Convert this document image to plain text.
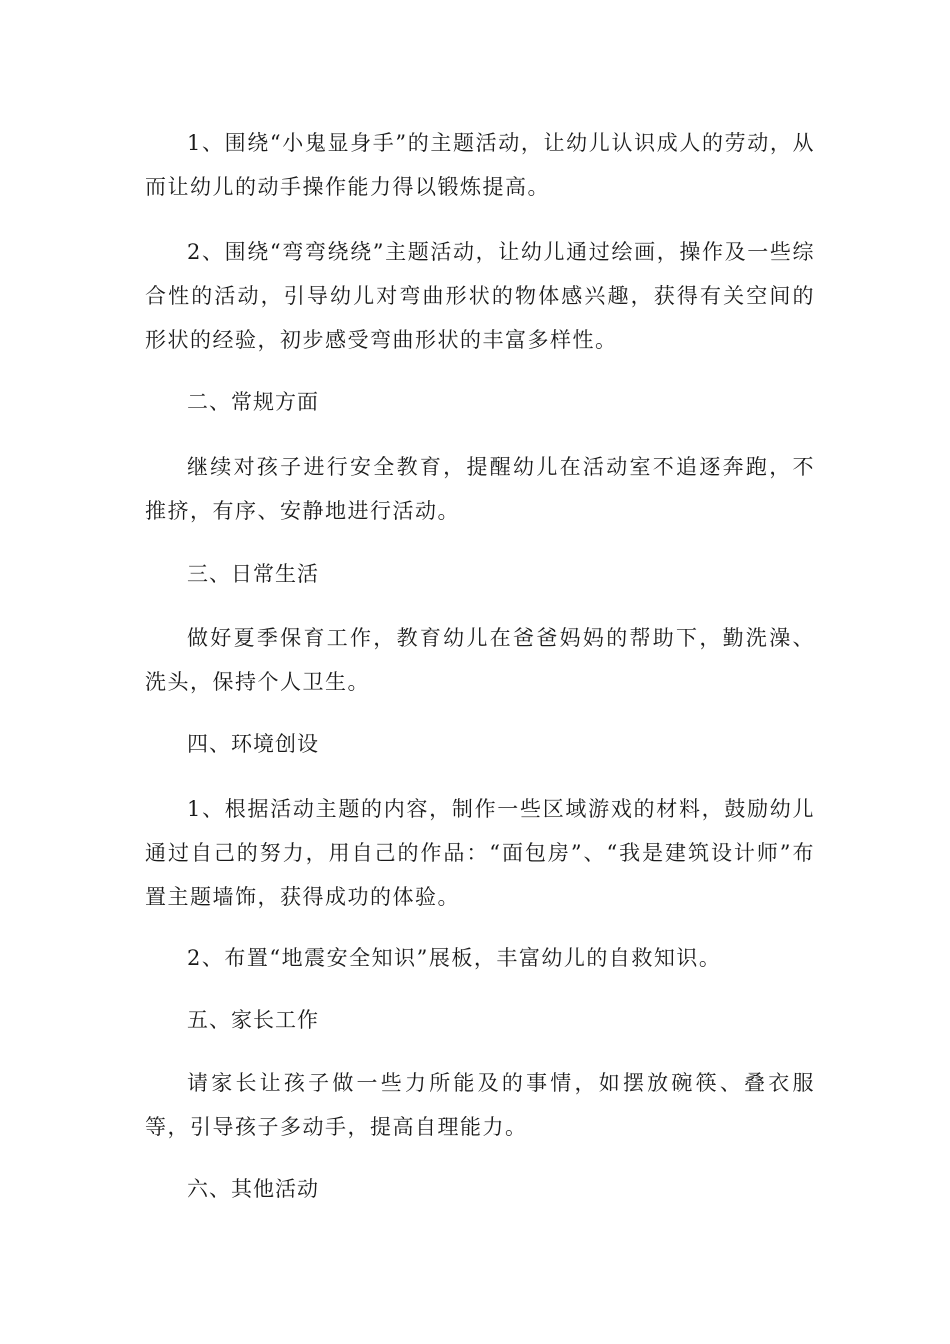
1、围绕“小鬼显身手”的主题活动，让幼儿认识成人的劳动，从而让幼儿的动手操作能力得以锻炼提高。

2、围绕“弯弯绕绕”主题活动，让幼儿通过绘画，操作及一些综合性的活动，引导幼儿对弯曲形状的物体感兴趣，获得有关空间的形状的经验，初步感受弯曲形状的丰富多样性。

二、常规方面

继续对孩子进行安全教育，提醒幼儿在活动室不追逐奔跑，不推挤，有序、安静地进行活动。

三、日常生活

做好夏季保育工作，教育幼儿在爸爸妈妈的帮助下，勤洗澡、洗头，保持个人卫生。

四、环境创设

1、根据活动主题的内容，制作一些区域游戏的材料，鼓励幼儿通过自己的努力，用自己的作品：“面包房”、“我是建筑设计师”布置主题墙饰，获得成功的体验。

2、布置“地震安全知识”展板，丰富幼儿的自救知识。

五、家长工作

请家长让孩子做一些力所能及的事情，如摆放碗筷、叠衣服等，引导孩子多动手，提高自理能力。

六、其他活动
